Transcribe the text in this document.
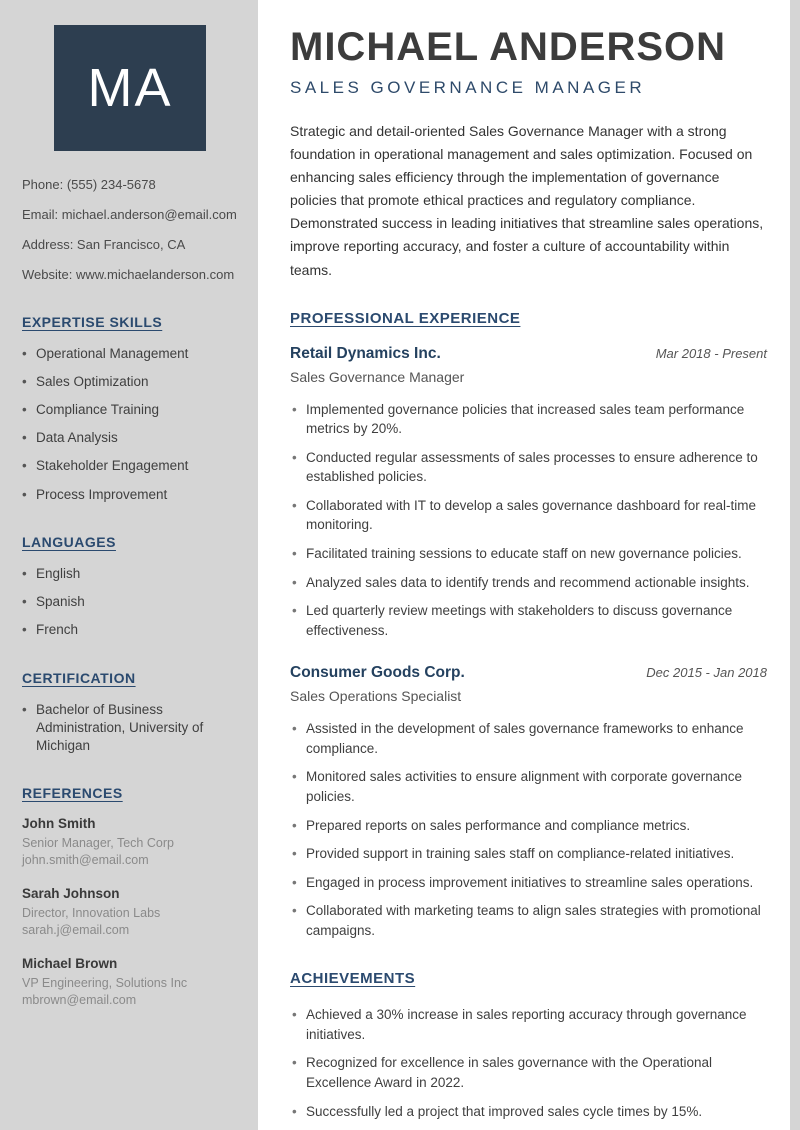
MA
Phone: (555) 234-5678
Email: michael.anderson@email.com
Address: San Francisco, CA
Website: www.michaelanderson.com
EXPERTISE SKILLS
• Operational Management
• Sales Optimization
• Compliance Training
• Data Analysis
• Stakeholder Engagement
• Process Improvement
LANGUAGES
• English
• Spanish
• French
CERTIFICATION
• Bachelor of Business Administration, University of Michigan
REFERENCES
John Smith
Senior Manager, Tech Corp
john.smith@email.com
Sarah Johnson
Director, Innovation Labs
sarah.j@email.com
Michael Brown
VP Engineering, Solutions Inc
mbrown@email.com
MICHAEL ANDERSON
SALES GOVERNANCE MANAGER

Strategic and detail-oriented Sales Governance Manager with a strong foundation in operational management and sales optimization. Focused on enhancing sales efficiency through the implementation of governance policies that promote ethical practices and regulatory compliance. Demonstrated success in leading initiatives that streamline sales operations, improve reporting accuracy, and foster a culture of accountability within teams.

PROFESSIONAL EXPERIENCE
Retail Dynamics Inc.	Mar 2018 - Present
Sales Governance Manager
• Implemented governance policies that increased sales team performance metrics by 20%.
• Conducted regular assessments of sales processes to ensure adherence to established policies.
• Collaborated with IT to develop a sales governance dashboard for real-time monitoring.
• Facilitated training sessions to educate staff on new governance policies.
• Analyzed sales data to identify trends and recommend actionable insights.
• Led quarterly review meetings with stakeholders to discuss governance effectiveness.
Consumer Goods Corp.	Dec 2015 - Jan 2018
Sales Operations Specialist
• Assisted in the development of sales governance frameworks to enhance compliance.
• Monitored sales activities to ensure alignment with corporate governance policies.
• Prepared reports on sales performance and compliance metrics.
• Provided support in training sales staff on compliance-related initiatives.
• Engaged in process improvement initiatives to streamline sales operations.
• Collaborated with marketing teams to align sales strategies with promotional campaigns.
ACHIEVEMENTS
• Achieved a 30% increase in sales reporting accuracy through governance initiatives.
• Recognized for excellence in sales governance with the Operational Excellence Award in 2022.
• Successfully led a project that improved sales cycle times by 15%.
